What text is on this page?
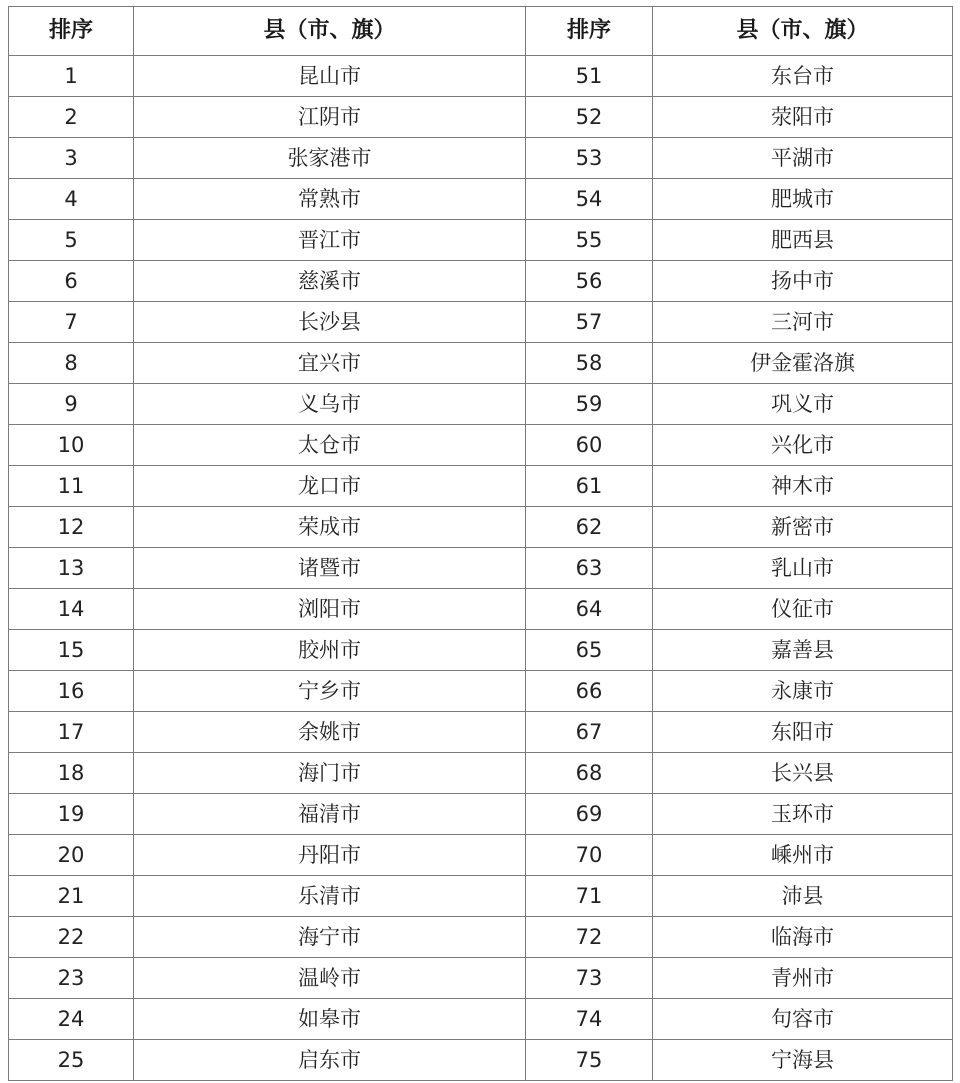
排序	县（市、旗）	排序	县（市、旗）
1	昆山市	51	东台市
2	江阴市	52	荥阳市
3	张家港市	53	平湖市
4	常熟市	54	肥城市
5	晋江市	55	肥西县
6	慈溪市	56	扬中市
7	长沙县	57	三河市
8	宜兴市	58	伊金霍洛旗
9	义乌市	59	巩义市
10	太仓市	60	兴化市
11	龙口市	61	神木市
12	荣成市	62	新密市
13	诸暨市	63	乳山市
14	浏阳市	64	仪征市
15	胶州市	65	嘉善县
16	宁乡市	66	永康市
17	余姚市	67	东阳市
18	海门市	68	长兴县
19	福清市	69	玉环市
20	丹阳市	70	嵊州市
21	乐清市	71	沛县
22	海宁市	72	临海市
23	温岭市	73	青州市
24	如皋市	74	句容市
25	启东市	75	宁海县
